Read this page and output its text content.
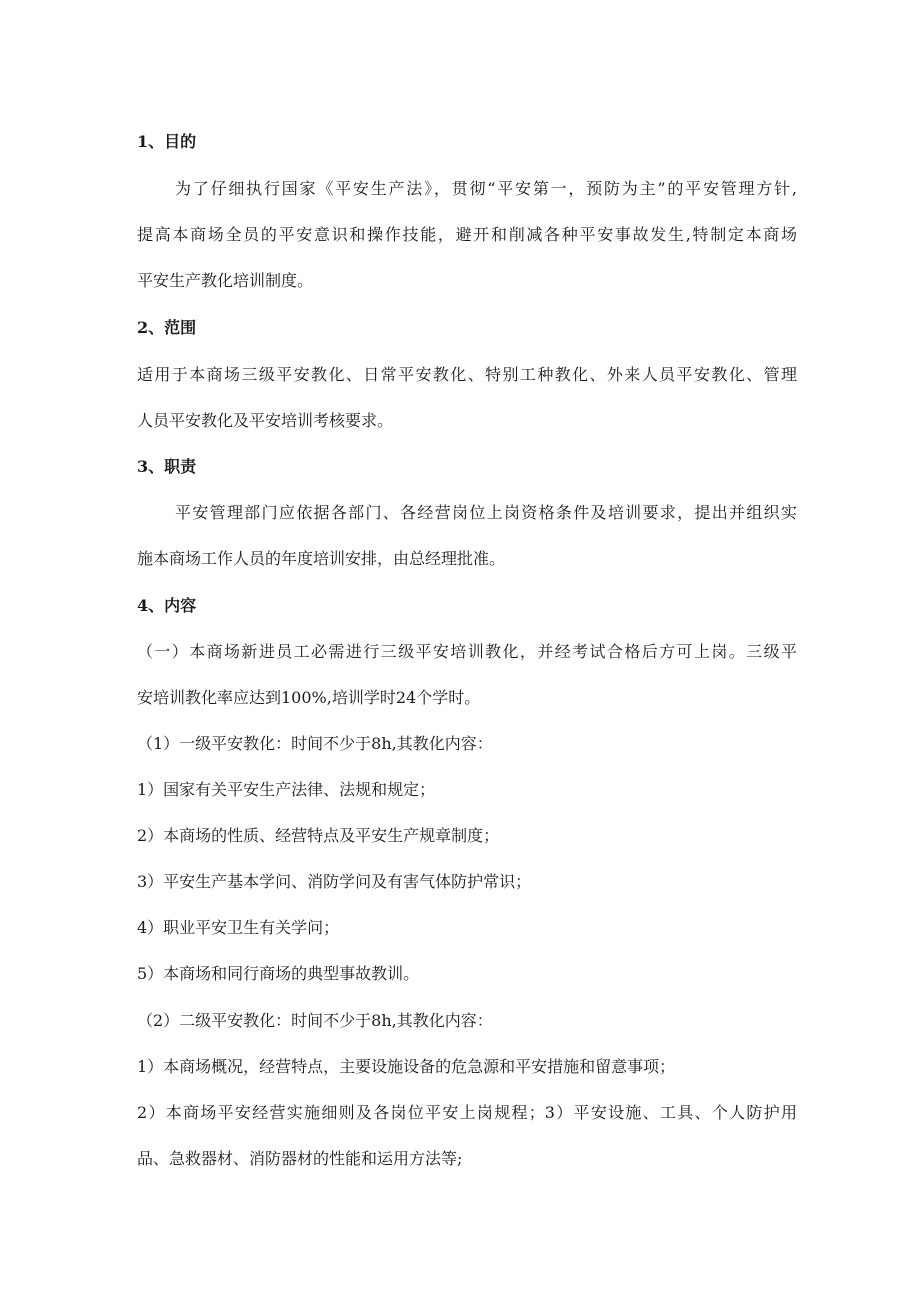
1、目的
为了仔细执行国家《平安生产法》，贯彻“平安第一，预防为主”的平安管理方针,
提高本商场全员的平安意识和操作技能，避开和削减各种平安事故发生,特制定本商场
平安生产教化培训制度。
2、范围
适用于本商场三级平安教化、日常平安教化、特别工种教化、外来人员平安教化、管理
人员平安教化及平安培训考核要求。
3、职责
平安管理部门应依据各部门、各经营岗位上岗资格条件及培训要求，提出并组织实
施本商场工作人员的年度培训安排，由总经理批准。
4、内容
（一）本商场新进员工必需进行三级平安培训教化，并经考试合格后方可上岗。三级平
安培训教化率应达到100%,培训学时24个学时。
（1）一级平安教化：时间不少于8h,其教化内容：
1）国家有关平安生产法律、法规和规定；
2）本商场的性质、经营特点及平安生产规章制度；
3）平安生产基本学问、消防学问及有害气体防护常识；
4）职业平安卫生有关学问；
5）本商场和同行商场的典型事故教训。
（2）二级平安教化：时间不少于8h,其教化内容：
1）本商场概况，经营特点，主要设施设备的危急源和平安措施和留意事项；
2）本商场平安经营实施细则及各岗位平安上岗规程；3）平安设施、工具、个人防护用
品、急救器材、消防器材的性能和运用方法等;
